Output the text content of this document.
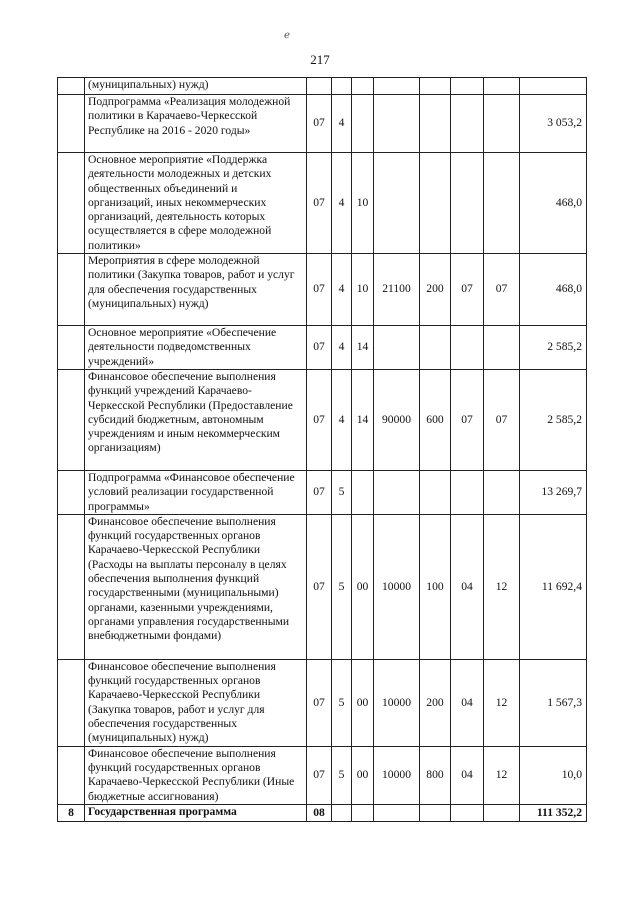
ℯ
217
	(муниципальных) нужд)								
	Подпрограмма «Реализация молодежной политики в Карачаево-Черкесской Республике на 2016 - 2020 годы»	07	4						3 053,2
	Основное мероприятие «Поддержка деятельности молодежных и детских общественных объединений и организаций, иных некоммерческих организаций, деятельность которых осуществляется в сфере молодежной политики»	07	4	10					468,0
	Мероприятия в сфере молодежной политики (Закупка товаров, работ и услуг для обеспечения государственных (муниципальных) нужд)	07	4	10	21100	200	07	07	468,0
	Основное мероприятие «Обеспечение деятельности подведомственных учреждений»	07	4	14					2 585,2
	Финансовое обеспечение выполнения функций учреждений Карачаево-Черкесской Республики (Предоставление субсидий бюджетным, автономным учреждениям и иным некоммерческим организациям)	07	4	14	90000	600	07	07	2 585,2
	Подпрограмма «Финансовое обеспечение условий реализации государственной программы»	07	5						13 269,7
	Финансовое обеспечение выполнения функций государственных органов Карачаево-Черкесской Республики (Расходы на выплаты персоналу в целях обеспечения выполнения функций государственными (муниципальными) органами, казенными учреждениями, органами управления государственными внебюджетными фондами)	07	5	00	10000	100	04	12	11 692,4
	Финансовое обеспечение выполнения функций государственных органов Карачаево-Черкесской Республики (Закупка товаров, работ и услуг для обеспечения государственных (муниципальных) нужд)	07	5	00	10000	200	04	12	1 567,3
	Финансовое обеспечение выполнения функций государственных органов Карачаево-Черкесской Республики (Иные бюджетные ассигнования)	07	5	00	10000	800	04	12	10,0
8	Государственная программа	08							111 352,2
